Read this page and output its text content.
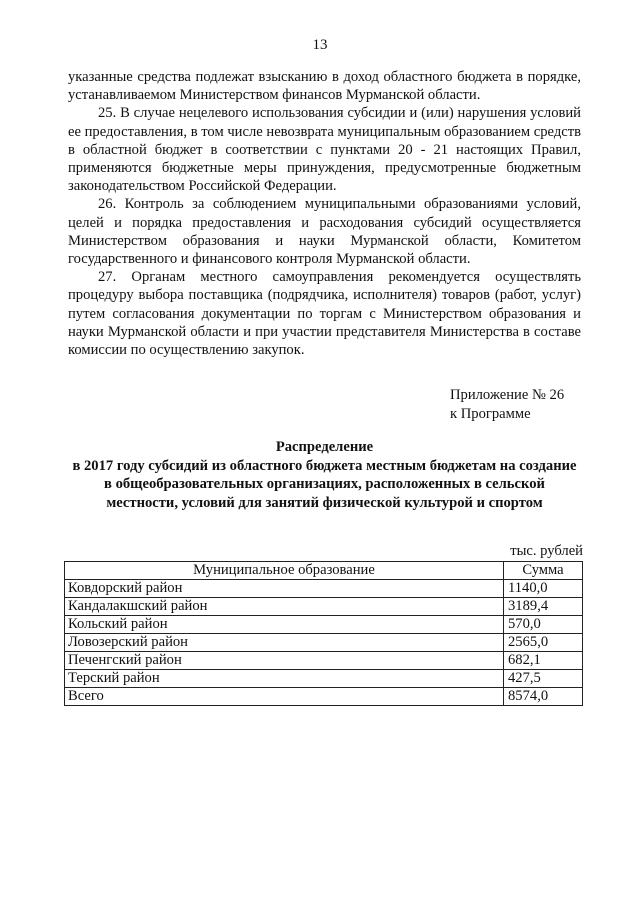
13

указанные средства подлежат взысканию в доход областного бюджета в порядке, устанавливаемом Министерством финансов Мурманской области.

25. В случае нецелевого использования субсидии и (или) нарушения условий ее предоставления, в том числе невозврата муниципальным образованием средств в областной бюджет в соответствии с пунктами 20 - 21 настоящих Правил, применяются бюджетные меры принуждения, предусмотренные бюджетным законодательством Российской Федерации.

26. Контроль за соблюдением муниципальными образованиями условий, целей и порядка предоставления и расходования субсидий осуществляется Министерством образования и науки Мурманской области, Комитетом государственного и финансового контроля Мурманской области.

27. Органам местного самоуправления рекомендуется осуществлять процедуру выбора поставщика (подрядчика, исполнителя) товаров (работ, услуг) путем согласования документации по торгам с Министерством образования и науки Мурманской области и при участии представителя Министерства в составе комиссии по осуществлению закупок.

Приложение № 26
к Программе
Распределение
в 2017 году субсидий из областного бюджета местным бюджетам на создание в общеобразовательных организациях, расположенных в сельской местности, условий для занятий физической культурой и спортом
тыс. рублей
Муниципальное образование	Сумма
Ковдорский район	1140,0
Кандалакшский район	3189,4
Кольский район	570,0
Ловозерский район	2565,0
Печенгский район	682,1
Терский район	427,5
Всего	8574,0
